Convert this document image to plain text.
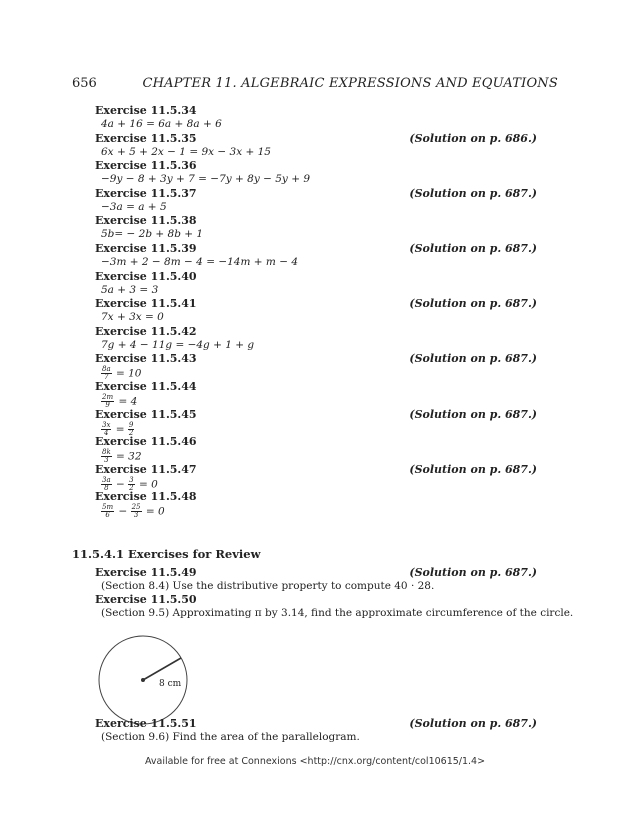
656	CHAPTER 11. ALGEBRAIC EXPRESSIONS AND EQUATIONS
Exercise 11.5.34
4a + 16 = 6a + 8a + 6
Exercise 11.5.35	(Solution on p. 686.)
6x + 5 + 2x − 1 = 9x − 3x + 15
Exercise 11.5.36
−9y − 8 + 3y + 7 = −7y + 8y − 5y + 9
Exercise 11.5.37	(Solution on p. 687.)
−3a = a + 5
Exercise 11.5.38
5b= − 2b + 8b + 1
Exercise 11.5.39	(Solution on p. 687.)
−3m + 2 − 8m − 4 = −14m + m − 4
Exercise 11.5.40
5a + 3 = 3
Exercise 11.5.41	(Solution on p. 687.)
7x + 3x = 0
Exercise 11.5.42
7g + 4 − 11g = −4g + 1 + g
Exercise 11.5.43	(Solution on p. 687.)
$\frac{8a}{7} = 10$
Exercise 11.5.44
$\frac{2m}{9} = 4$
Exercise 11.5.45	(Solution on p. 687.)
$\frac{3x}{4} = \frac{9}{2}$
Exercise 11.5.46
$\frac{8k}{3} = 32$
Exercise 11.5.47	(Solution on p. 687.)
$\frac{3a}{8} - \frac{3}{2} = 0$
Exercise 11.5.48
$\frac{5m}{6} - \frac{25}{3} = 0$
11.5.4.1 Exercises for Review
Exercise 11.5.49	(Solution on p. 687.)
(Section 8.4) Use the distributive property to compute 40 · 28.
Exercise 11.5.50
(Section 9.5) Approximating π by 3.14, find the approximate circumference of the circle.
8 cm
Exercise 11.5.51	(Solution on p. 687.)
(Section 9.6) Find the area of the parallelogram.
Available for free at Connexions <http://cnx.org/content/col10615/1.4>
